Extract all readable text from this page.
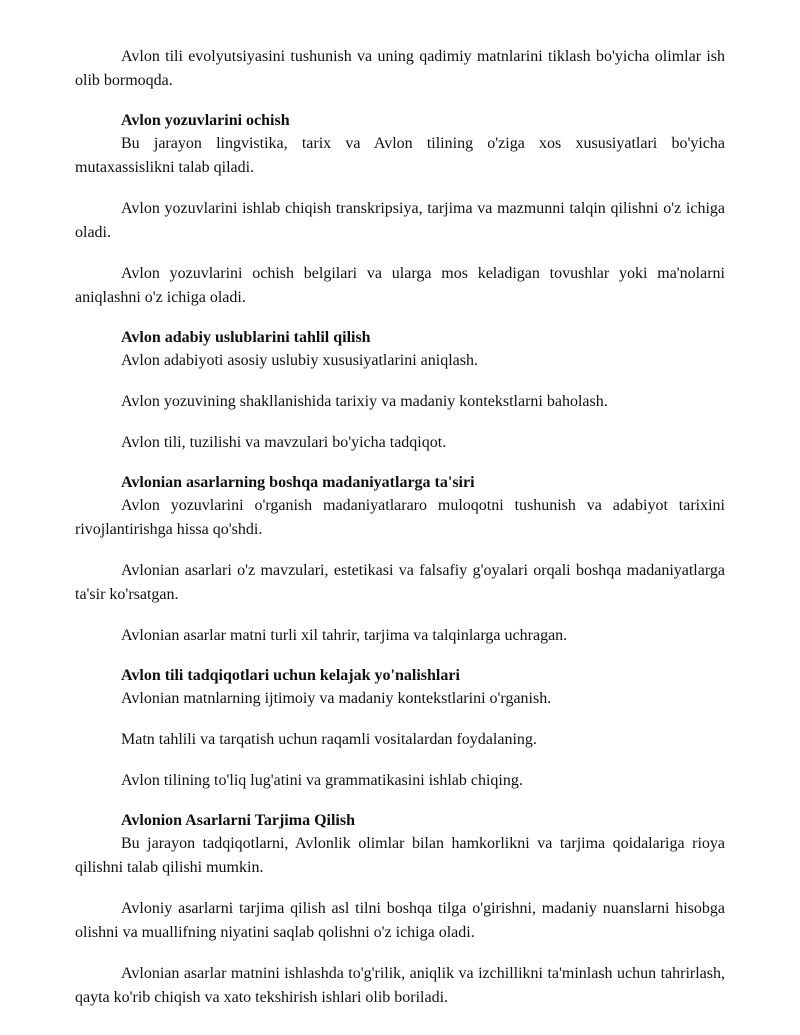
Avlon tili evolyutsiyasini tushunish va uning qadimiy matnlarini tiklash bo'yicha olimlar ish olib bormoqda.

Avlon yozuvlarini ochish

Bu jarayon lingvistika, tarix va Avlon tilining o'ziga xos xususiyatlari bo'yicha mutaxassislikni talab qiladi.

Avlon yozuvlarini ishlab chiqish transkripsiya, tarjima va mazmunni talqin qilishni o'z ichiga oladi.

Avlon yozuvlarini ochish belgilari va ularga mos keladigan tovushlar yoki ma'nolarni aniqlashni o'z ichiga oladi.

Avlon adabiy uslublarini tahlil qilish

Avlon adabiyoti asosiy uslubiy xususiyatlarini aniqlash.

Avlon yozuvining shakllanishida tarixiy va madaniy kontekstlarni baholash.

Avlon tili, tuzilishi va mavzulari bo'yicha tadqiqot.

Avlonian asarlarning boshqa madaniyatlarga ta'siri

Avlon yozuvlarini o'rganish madaniyatlararo muloqotni tushunish va adabiyot tarixini rivojlantirishga hissa qo'shdi.

Avlonian asarlari o'z mavzulari, estetikasi va falsafiy g'oyalari orqali boshqa madaniyatlarga ta'sir ko'rsatgan.

Avlonian asarlar matni turli xil tahrir, tarjima va talqinlarga uchragan.

Avlon tili tadqiqotlari uchun kelajak yo'nalishlari

Avlonian matnlarning ijtimoiy va madaniy kontekstlarini o'rganish.

Matn tahlili va tarqatish uchun raqamli vositalardan foydalaning.

Avlon tilining to'liq lug'atini va grammatikasini ishlab chiqing.

Avlonion Asarlarni Tarjima Qilish

Bu jarayon tadqiqotlarni, Avlonlik olimlar bilan hamkorlikni va tarjima qoidalariga rioya qilishni talab qilishi mumkin.

Avloniy asarlarni tarjima qilish asl tilni boshqa tilga o'girishni, madaniy nuanslarni hisobga olishni va muallifning niyatini saqlab qolishni o'z ichiga oladi.

Avlonian asarlar matnini ishlashda to'g'rilik, aniqlik va izchillikni ta'minlash uchun tahrirlash, qayta ko'rib chiqish va xato tekshirish ishlari olib boriladi.
